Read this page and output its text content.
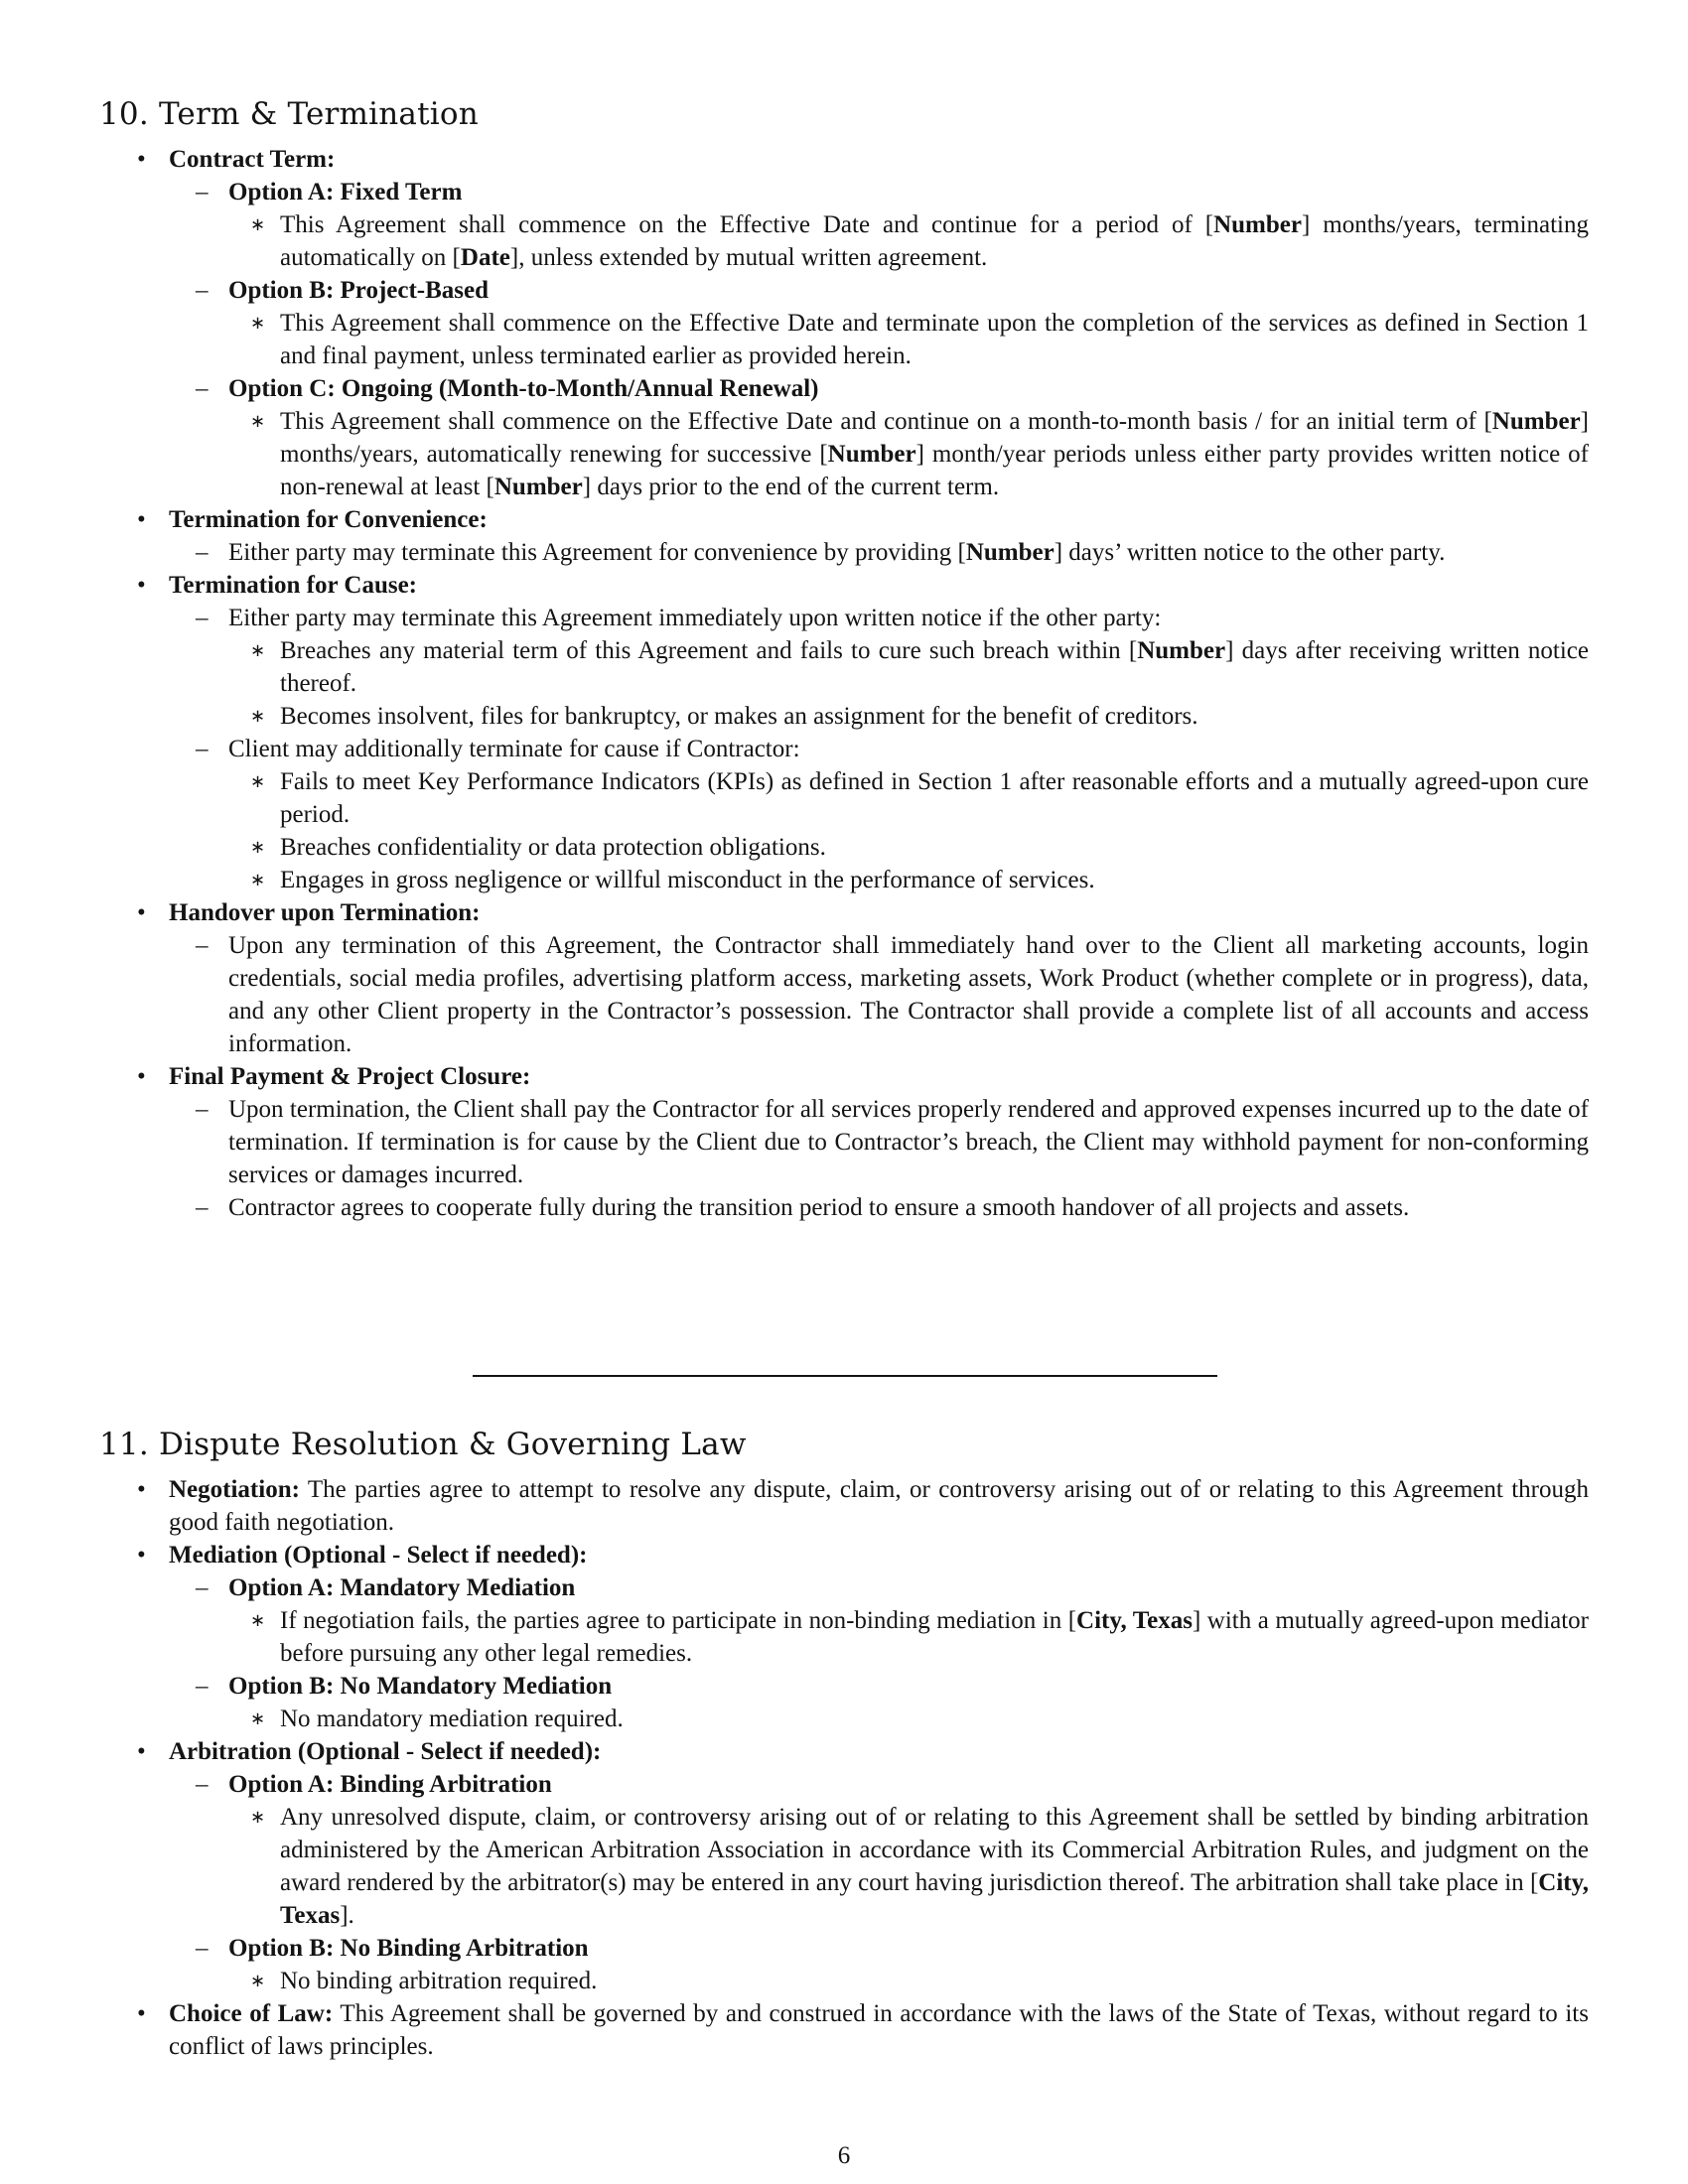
10. Term & Termination
• Contract Term:
– Option A: Fixed Term
∗ This Agreement shall commence on the Effective Date and continue for a period of [Number] months/years, terminating automatically on [Date], unless extended by mutual written agreement.
– Option B: Project-Based
∗ This Agreement shall commence on the Effective Date and terminate upon the completion of the services as defined in Section 1 and final payment, unless terminated earlier as provided herein.
– Option C: Ongoing (Month-to-Month/Annual Renewal)
∗ This Agreement shall commence on the Effective Date and continue on a month-to-month basis / for an initial term of [Number] months/years, automatically renewing for successive [Number] month/year periods unless either party provides written notice of non-renewal at least [Number] days prior to the end of the current term.
• Termination for Convenience:
– Either party may terminate this Agreement for convenience by providing [Number] days’ written notice to the other party.
• Termination for Cause:
– Either party may terminate this Agreement immediately upon written notice if the other party:
∗ Breaches any material term of this Agreement and fails to cure such breach within [Number] days after receiving written notice thereof.
∗ Becomes insolvent, files for bankruptcy, or makes an assignment for the benefit of creditors.
– Client may additionally terminate for cause if Contractor:
∗ Fails to meet Key Performance Indicators (KPIs) as defined in Section 1 after reasonable efforts and a mutually agreed-upon cure period.
∗ Breaches confidentiality or data protection obligations.
∗ Engages in gross negligence or willful misconduct in the performance of services.
• Handover upon Termination:
– Upon any termination of this Agreement, the Contractor shall immediately hand over to the Client all marketing accounts, login credentials, social media profiles, advertising platform access, marketing assets, Work Product (whether complete or in progress), data, and any other Client property in the Contractor’s possession. The Contractor shall provide a complete list of all accounts and access information.
• Final Payment & Project Closure:
– Upon termination, the Client shall pay the Contractor for all services properly rendered and approved expenses incurred up to the date of termination. If termination is for cause by the Client due to Contractor’s breach, the Client may withhold payment for non-conforming services or damages incurred.
– Contractor agrees to cooperate fully during the transition period to ensure a smooth handover of all projects and assets.
11. Dispute Resolution & Governing Law
• Negotiation: The parties agree to attempt to resolve any dispute, claim, or controversy arising out of or relating to this Agreement through good faith negotiation.
• Mediation (Optional - Select if needed):
– Option A: Mandatory Mediation
∗ If negotiation fails, the parties agree to participate in non-binding mediation in [City, Texas] with a mutually agreed-upon mediator before pursuing any other legal remedies.
– Option B: No Mandatory Mediation
∗ No mandatory mediation required.
• Arbitration (Optional - Select if needed):
– Option A: Binding Arbitration
∗ Any unresolved dispute, claim, or controversy arising out of or relating to this Agreement shall be settled by binding arbitration administered by the American Arbitration Association in accordance with its Commercial Arbitration Rules, and judgment on the award rendered by the arbitrator(s) may be entered in any court having jurisdiction thereof. The arbitration shall take place in [City, Texas].
– Option B: No Binding Arbitration
∗ No binding arbitration required.
• Choice of Law: This Agreement shall be governed by and construed in accordance with the laws of the State of Texas, without regard to its conflict of laws principles.
6
